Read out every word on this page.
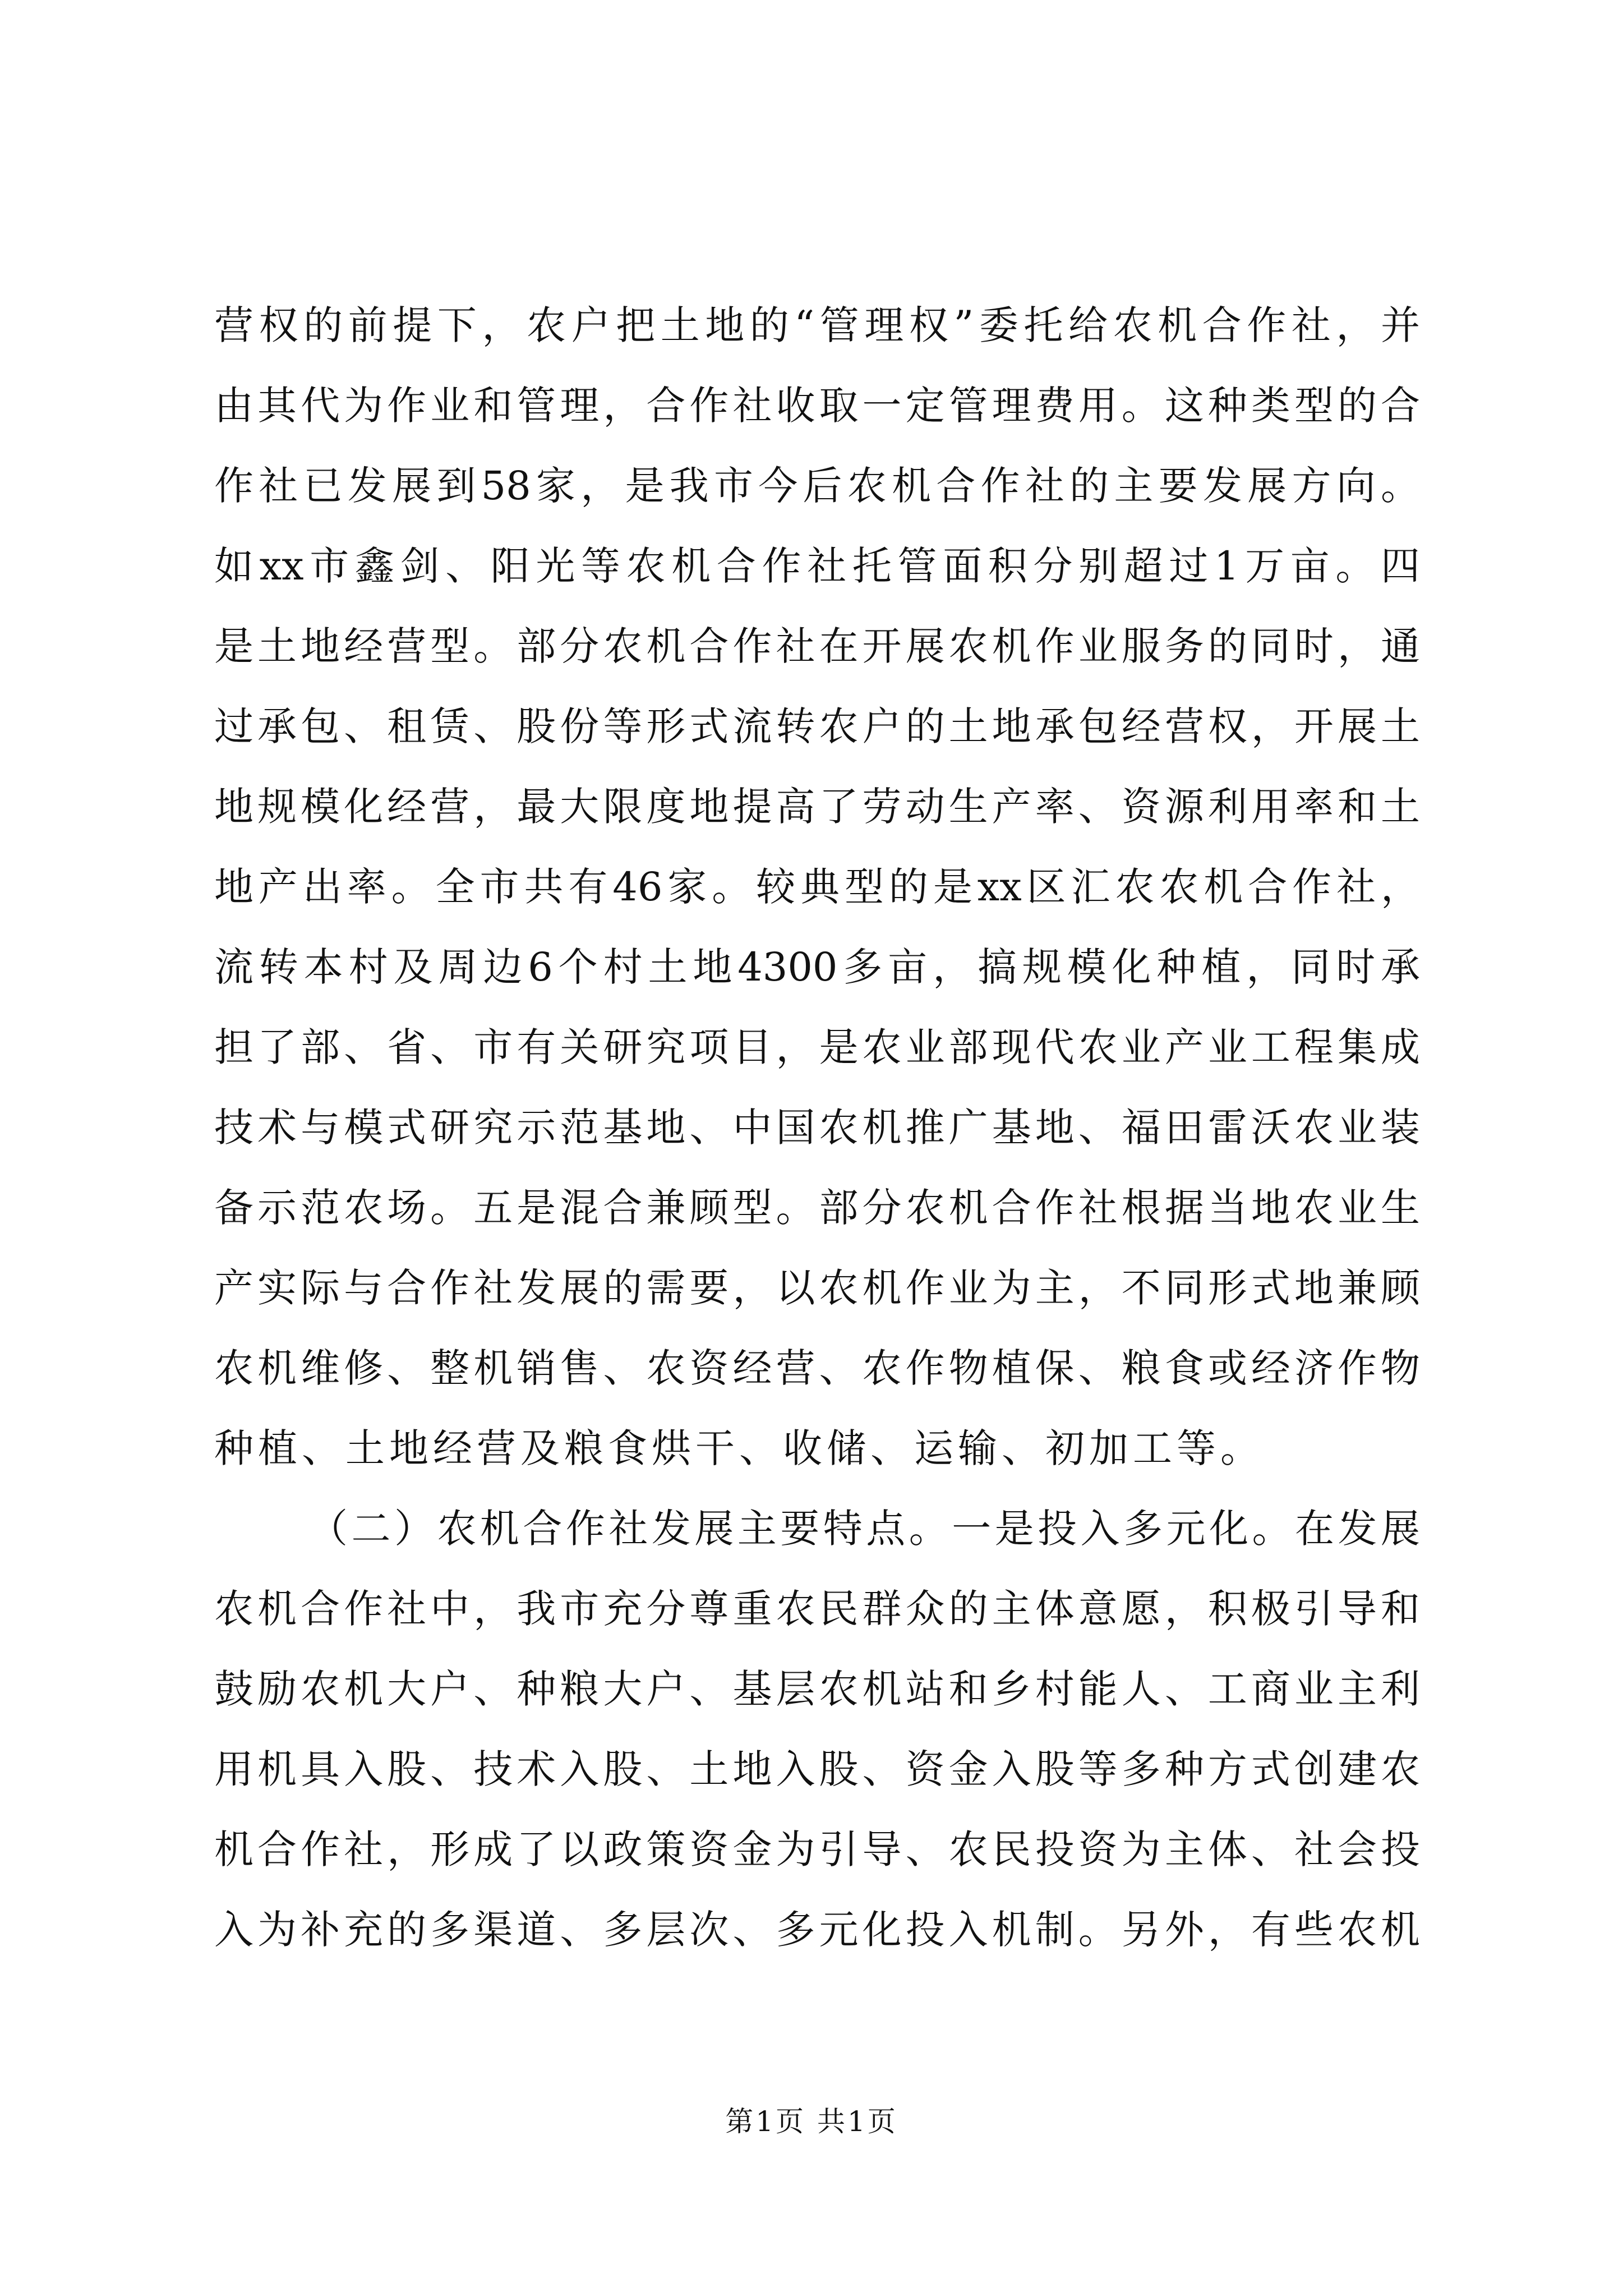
营权的前提下，农户把土地的“管理权”委托给农机合作社，并
由其代为作业和管理，合作社收取一定管理费用。这种类型的合
作社已发展到58家，是我市今后农机合作社的主要发展方向。
如xx市鑫剑、阳光等农机合作社托管面积分别超过1万亩。四
是土地经营型。部分农机合作社在开展农机作业服务的同时，通
过承包、租赁、股份等形式流转农户的土地承包经营权，开展土
地规模化经营，最大限度地提高了劳动生产率、资源利用率和土
地产出率。全市共有46家。较典型的是xx区汇农农机合作社，
流转本村及周边6个村土地4300多亩，搞规模化种植，同时承
担了部、省、市有关研究项目，是农业部现代农业产业工程集成
技术与模式研究示范基地、中国农机推广基地、福田雷沃农业装
备示范农场。五是混合兼顾型。部分农机合作社根据当地农业生
产实际与合作社发展的需要，以农机作业为主，不同形式地兼顾
农机维修、整机销售、农资经营、农作物植保、粮食或经济作物
种植、土地经营及粮食烘干、收储、运输、初加工等。
（二）农机合作社发展主要特点。一是投入多元化。在发展
农机合作社中，我市充分尊重农民群众的主体意愿，积极引导和
鼓励农机大户、种粮大户、基层农机站和乡村能人、工商业主利
用机具入股、技术入股、土地入股、资金入股等多种方式创建农
机合作社，形成了以政策资金为引导、农民投资为主体、社会投
入为补充的多渠道、多层次、多元化投入机制。另外，有些农机
第1页 共1页
